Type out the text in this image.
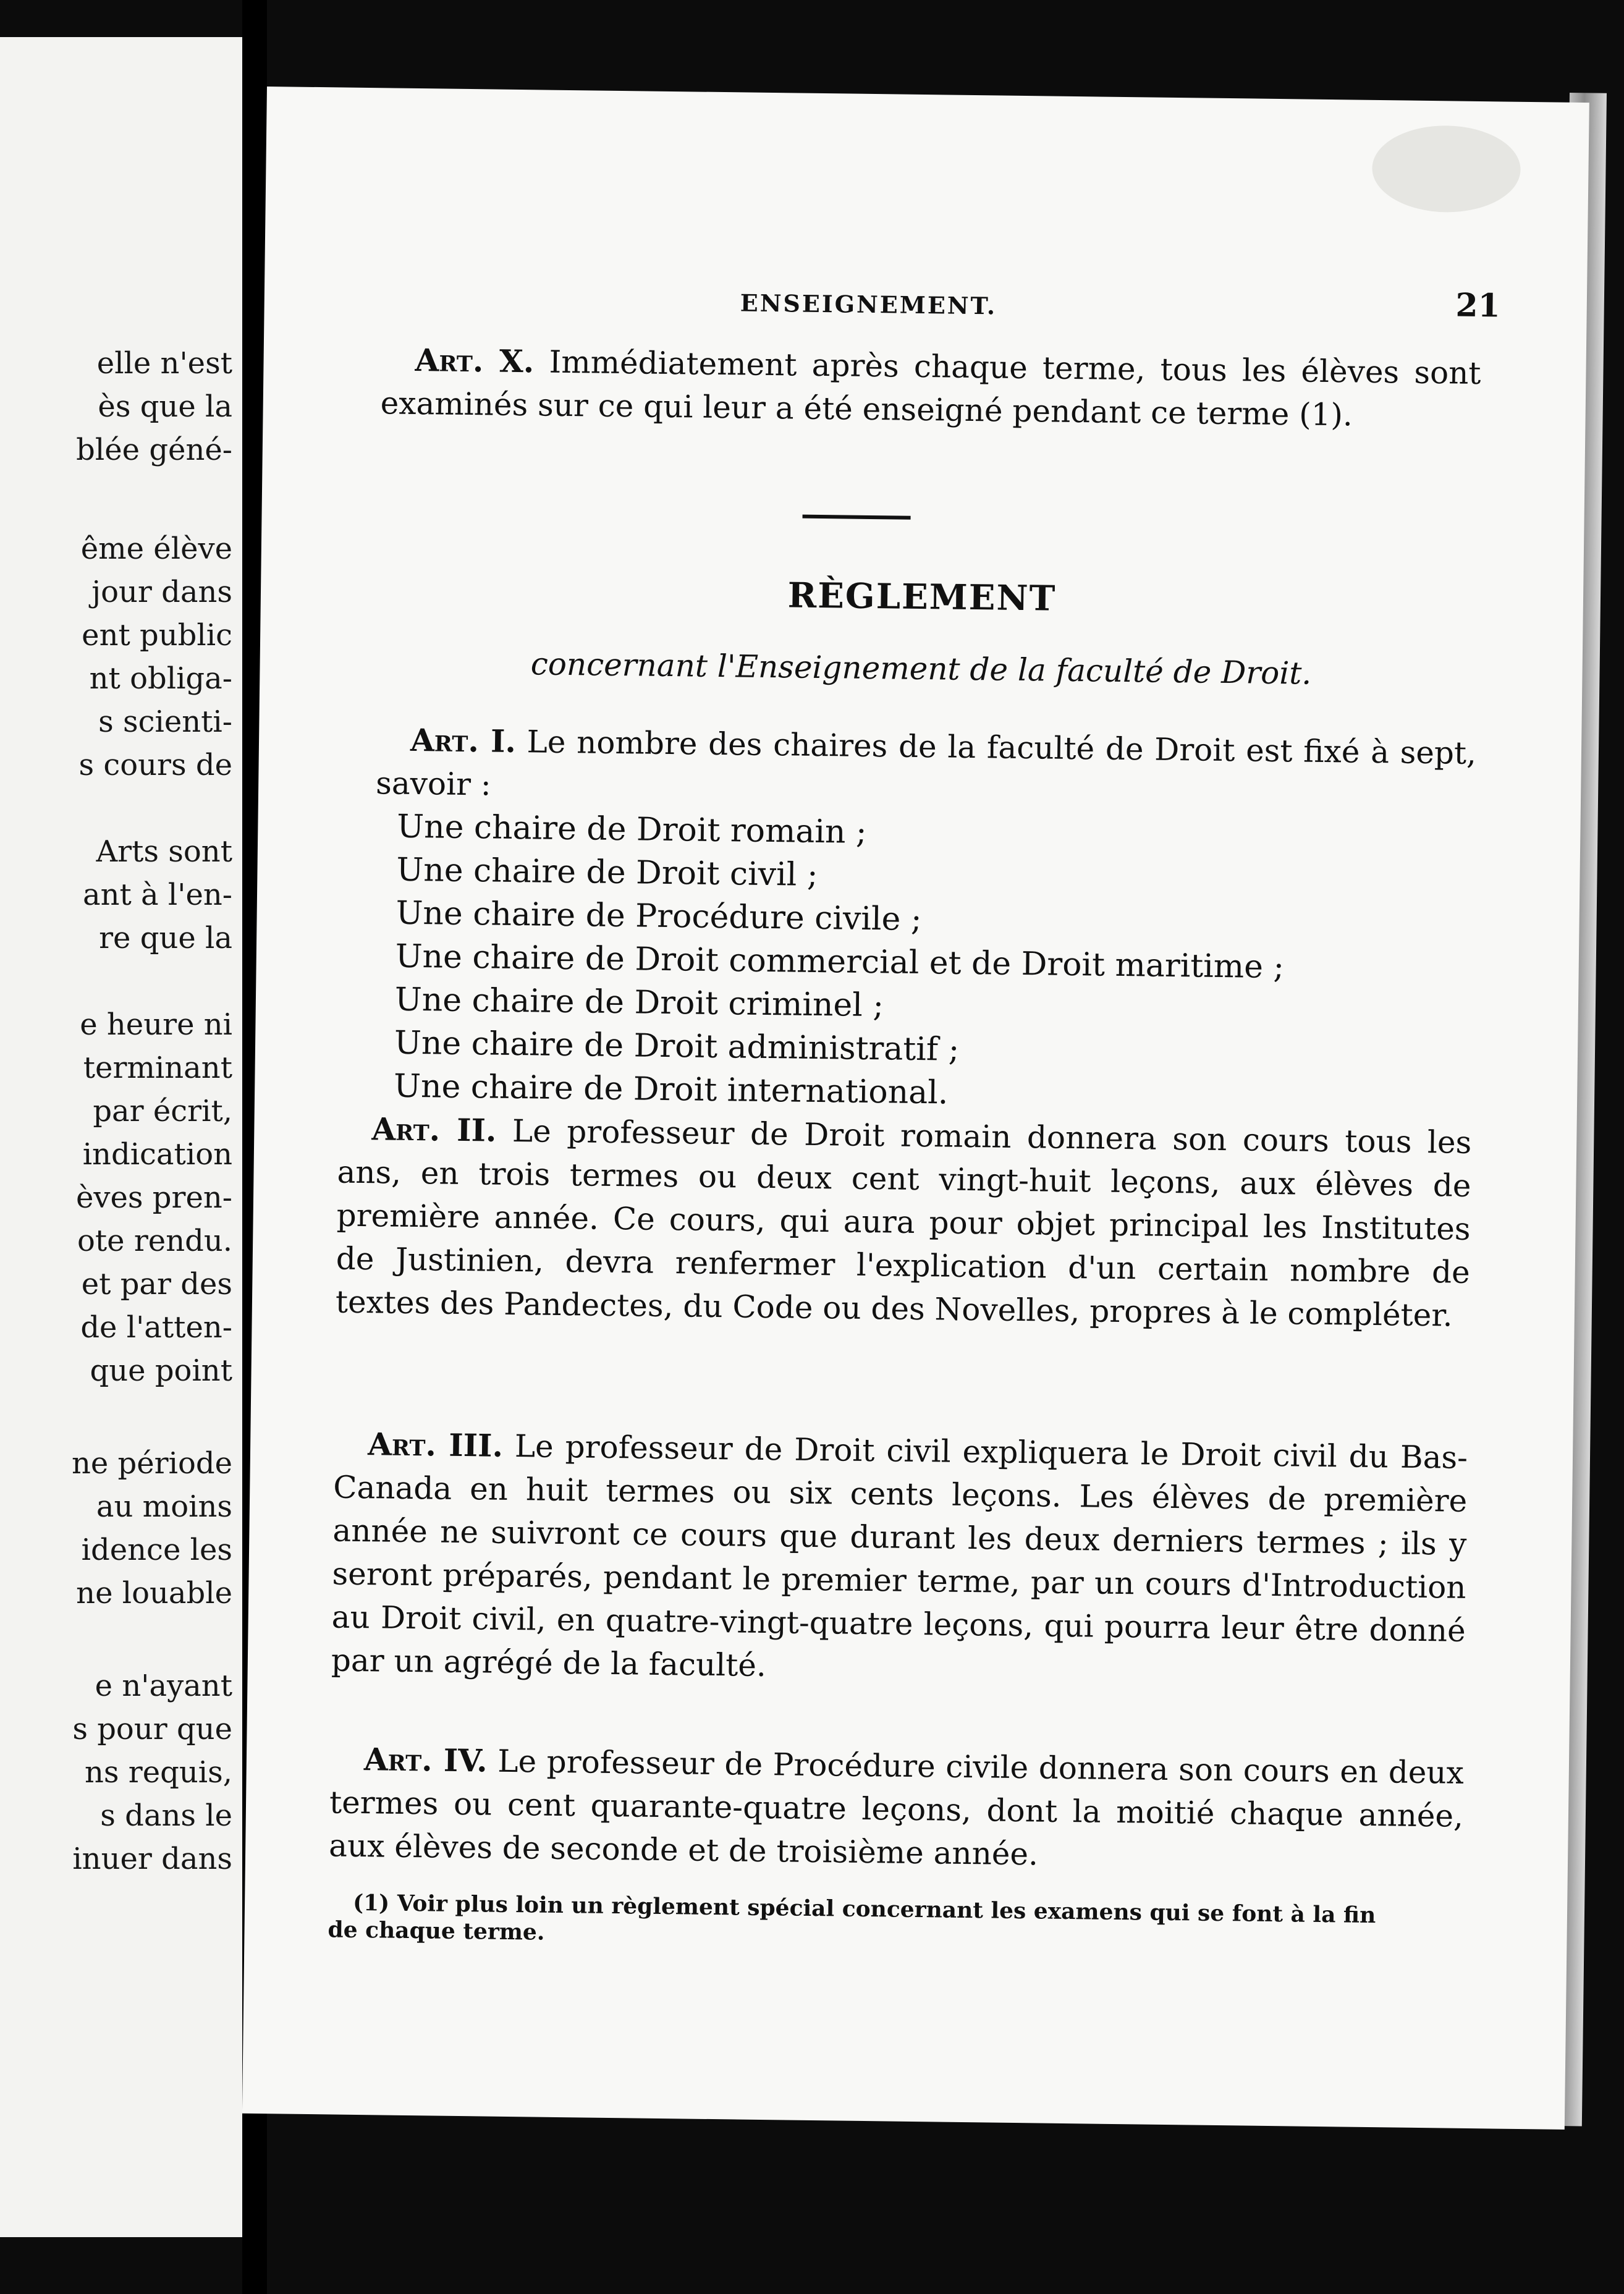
elle n'est
ès que la
blée géné-
ême élève
jour dans
ent public
nt obliga-
s scienti-
s cours de
Arts sont
ant à l'en-
re que la
e heure ni
terminant
par écrit,
indication
èves pren-
ote rendu.
et par des
de l'atten-
que point
ne période
au moins
idence les
ne louable
e n'ayant
s pour que
ns requis,
s dans le
inuer dans
ENSEIGNEMENT.	21
Art. X. Immédiatement après chaque terme, tous les élèves sont examinés sur ce qui leur a été enseigné pendant ce terme (1).
RÈGLEMENT
concernant l'Enseignement de la faculté de Droit.
Art. I. Le nombre des chaires de la faculté de Droit est fixé à sept, savoir :
Une chaire de Droit romain ;
Une chaire de Droit civil ;
Une chaire de Procédure civile ;
Une chaire de Droit commercial et de Droit maritime ;
Une chaire de Droit criminel ;
Une chaire de Droit administratif ;
Une chaire de Droit international.
Art. II. Le professeur de Droit romain donnera son cours tous les ans, en trois termes ou deux cent vingt-huit leçons, aux élèves de première année. Ce cours, qui aura pour objet principal les Institutes de Justinien, devra renfermer l'explication d'un certain nombre de textes des Pandectes, du Code ou des Novelles, propres à le compléter.
Art. III. Le professeur de Droit civil expliquera le Droit civil du Bas-Canada en huit termes ou six cents leçons. Les élèves de première année ne suivront ce cours que durant les deux derniers termes ; ils y seront préparés, pendant le premier terme, par un cours d'Introduction au Droit civil, en quatre-vingt-quatre leçons, qui pourra leur être donné par un agrégé de la faculté.
Art. IV. Le professeur de Procédure civile donnera son cours en deux termes ou cent quarante-quatre leçons, dont la moitié chaque année, aux élèves de seconde et de troisième année.
(1) Voir plus loin un règlement spécial concernant les examens qui se font à la fin de chaque terme.
